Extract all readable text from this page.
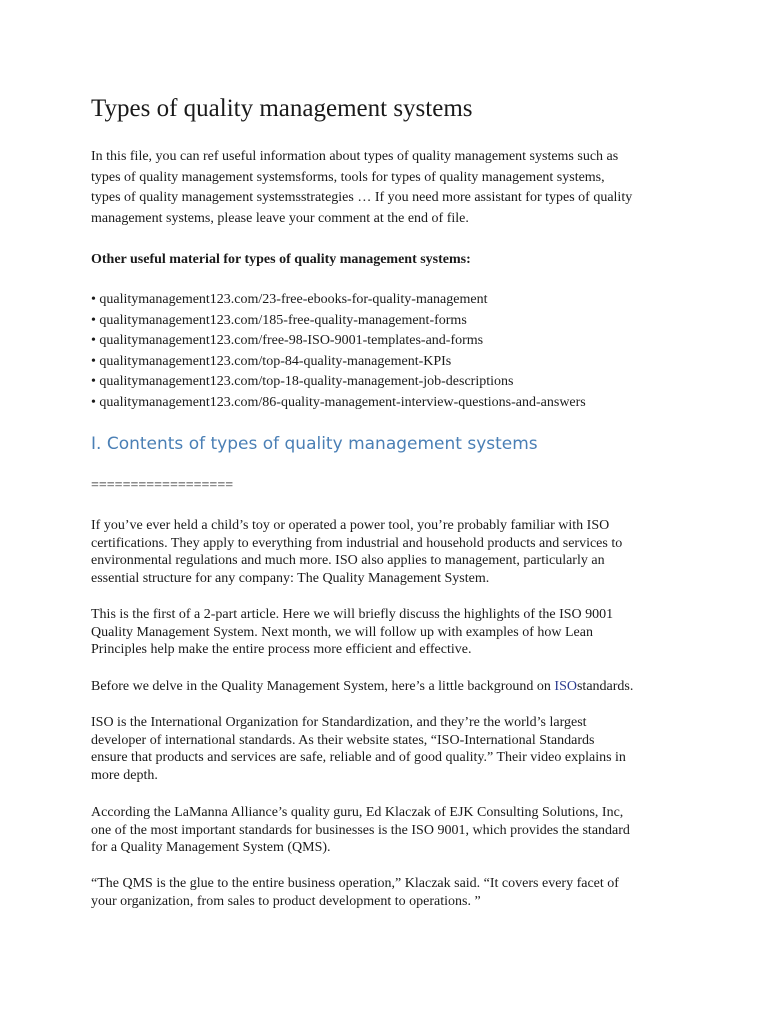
Types of quality management systems

In this file, you can ref useful information about types of quality management systems such as
types of quality management systemsforms, tools for types of quality management systems,
types of quality management systemsstrategies … If you need more assistant for types of quality
management systems, please leave your comment at the end of file.

Other useful material for types of quality management systems:

• qualitymanagement123.com/23-free-ebooks-for-quality-management
• qualitymanagement123.com/185-free-quality-management-forms
• qualitymanagement123.com/free-98-ISO-9001-templates-and-forms
• qualitymanagement123.com/top-84-quality-management-KPIs
• qualitymanagement123.com/top-18-quality-management-job-descriptions
• qualitymanagement123.com/86-quality-management-interview-questions-and-answers
I. Contents of types of quality management systems

==================

If you’ve ever held a child’s toy or operated a power tool, you’re probably familiar with ISO
certifications. They apply to everything from industrial and household products and services to
environmental regulations and much more. ISO also applies to management, particularly an
essential structure for any company: The Quality Management System.

This is the first of a 2-part article. Here we will briefly discuss the highlights of the ISO 9001
Quality Management System. Next month, we will follow up with examples of how Lean
Principles help make the entire process more efficient and effective.

Before we delve in the Quality Management System, here’s a little background on ISOstandards.

ISO is the International Organization for Standardization, and they’re the world’s largest
developer of international standards. As their website states, “ISO-International Standards
ensure that products and services are safe, reliable and of good quality.” Their video explains in
more depth.

According the LaManna Alliance’s quality guru, Ed Klaczak of EJK Consulting Solutions, Inc,
one of the most important standards for businesses is the ISO 9001, which provides the standard
for a Quality Management System (QMS).

“The QMS is the glue to the entire business operation,” Klaczak said. “It covers every facet of
your organization, from sales to product development to operations. ”
